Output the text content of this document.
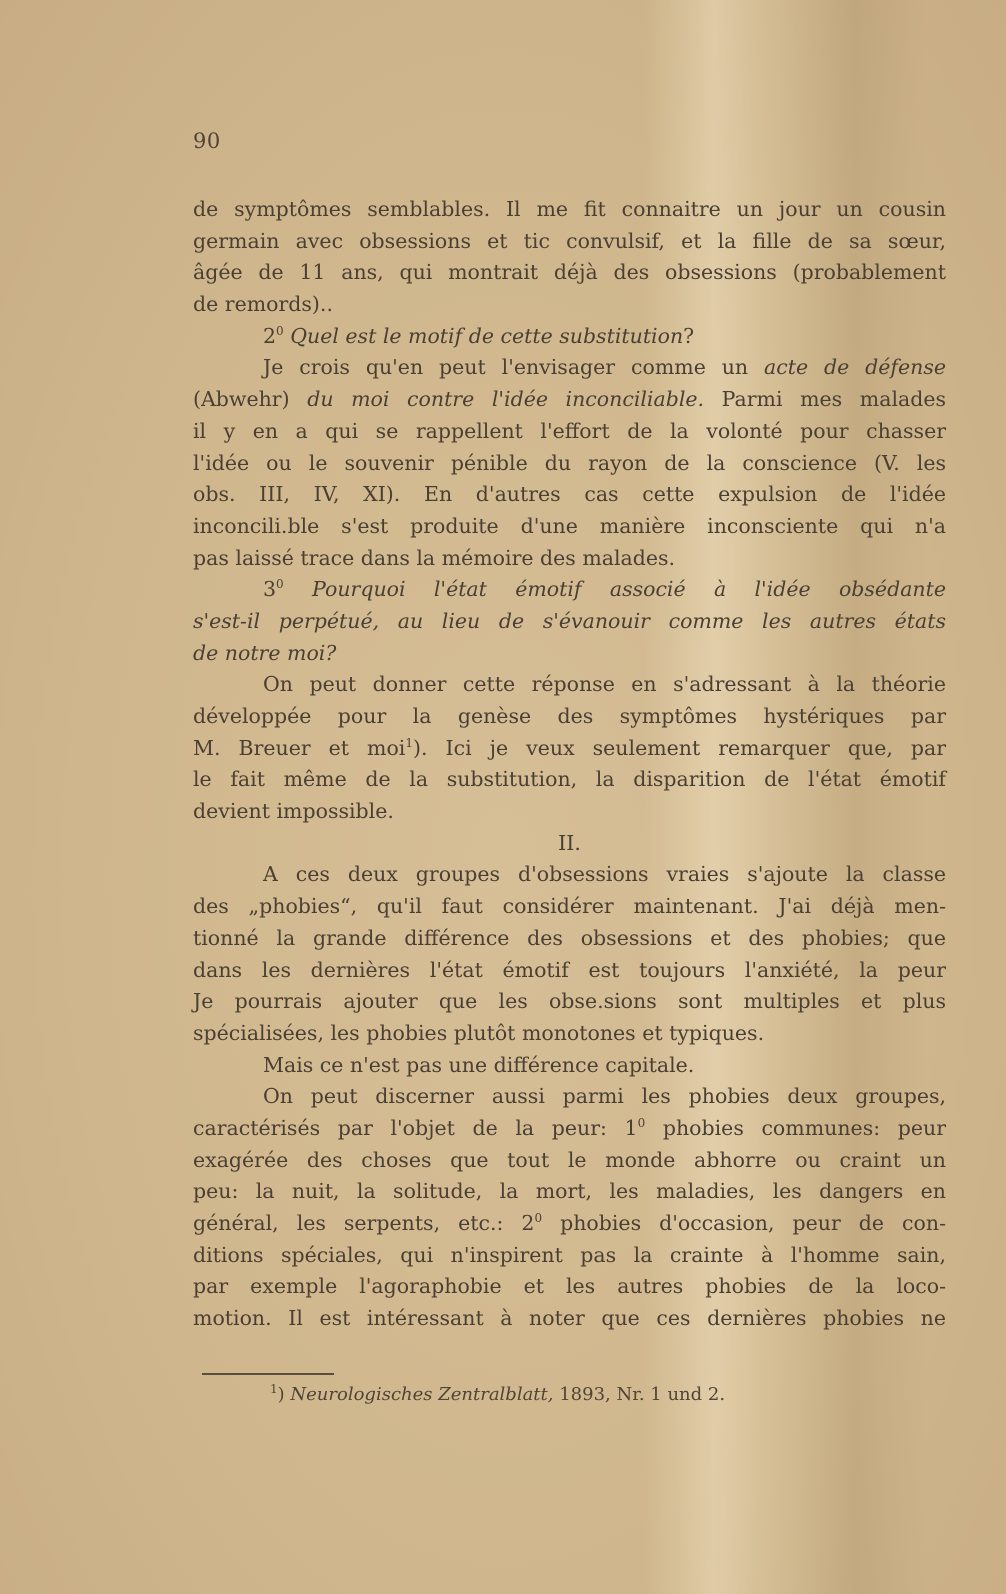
90
de symptômes semblables. Il me fit connaitre un jour un cousin
germain avec obsessions et tic convulsif, et la fille de sa sœur,
âgée de 11 ans, qui montrait déjà des obsessions (probablement
de remords)..
$2^0$ Quel est le motif de cette substitution?
Je crois qu'en peut l'envisager comme un acte de défense
(Abwehr) du moi contre l'idée inconciliable. Parmi mes malades
il y en a qui se rappellent l'effort de la volonté pour chasser
l'idée ou le souvenir pénible du rayon de la conscience (V. les
obs. III, IV, XI). En d'autres cas cette expulsion de l'idée
inconcili.ble s'est produite d'une manière inconsciente qui n'a
pas laissé trace dans la mémoire des malades.
$3^0$ Pourquoi l'état émotif associé à l'idée obsédante
s'est-il perpétué, au lieu de s'évanouir comme les autres états
de notre moi?
On peut donner cette réponse en s'adressant à la théorie
développée pour la genèse des symptômes hystériques par
M. Breuer et moi$^1$). Ici je veux seulement remarquer que, par
le fait même de la substitution, la disparition de l'état émotif
devient impossible.
II.
A ces deux groupes d'obsessions vraies s'ajoute la classe
des „phobies“, qu'il faut considérer maintenant. J'ai déjà men-
tionné la grande différence des obsessions et des phobies; que
dans les dernières l'état émotif est toujours l'anxiété, la peur
Je pourrais ajouter que les obse.sions sont multiples et plus
spécialisées, les phobies plutôt monotones et typiques.
Mais ce n'est pas une différence capitale.
On peut discerner aussi parmi les phobies deux groupes,
caractérisés par l'objet de la peur: $1^0$ phobies communes: peur
exagérée des choses que tout le monde abhorre ou craint un
peu: la nuit, la solitude, la mort, les maladies, les dangers en
général, les serpents, etc.: $2^0$ phobies d'occasion, peur de con-
ditions spéciales, qui n'inspirent pas la crainte à l'homme sain,
par exemple l'agoraphobie et les autres phobies de la loco-
motion. Il est intéressant à noter que ces dernières phobies ne
$^1$) Neurologisches Zentralblatt, 1893, Nr. 1 und 2.
